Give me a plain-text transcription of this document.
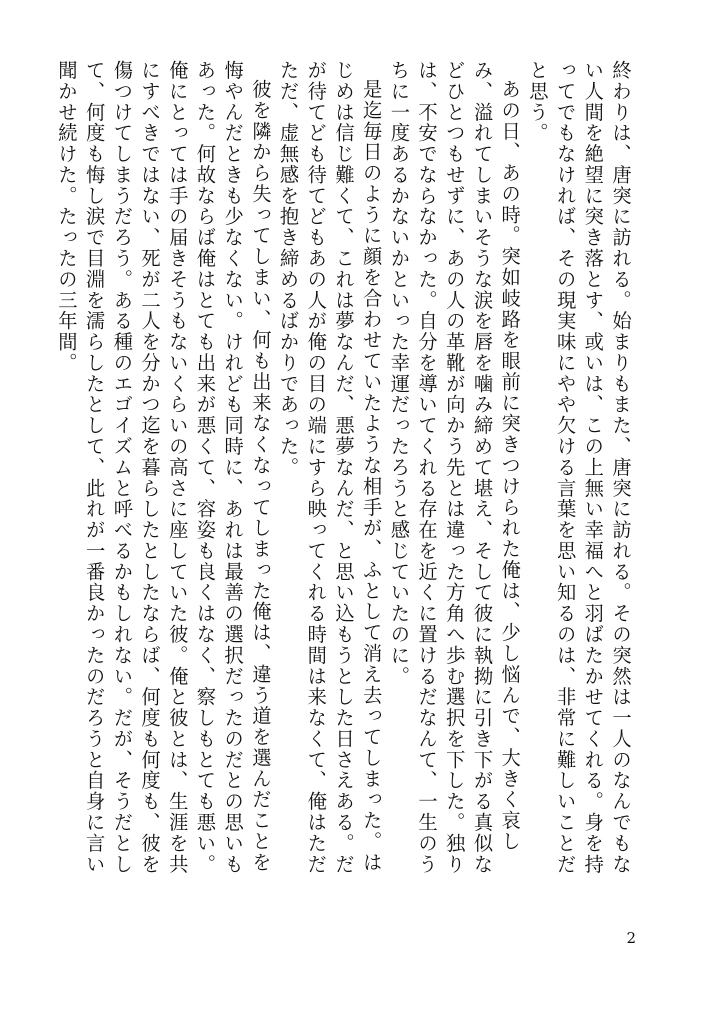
終わりは、唐突に訪れる。始まりもまた、唐突に訪れる。その突然は一人のなんでもない人間を絶望に突き落とす、或いは、この上無い幸福へと羽ばたかせてくれる。身を持ってでもなければ、その現実味にやや欠ける言葉を思い知るのは、非常に難しいことだと思う。

あの日、あの時。突如岐路を眼前に突きつけられた俺は、少し悩んで、大きく哀しみ、溢れてしまいそうな涙を唇を噛み締めて堪え、そして彼に執拗に引き下がる真似などひとつもせずに、あの人の革靴が向かう先とは違った方角へ歩む選択を下した。独りは、不安でならなかった。自分を導いてくれる存在を近くに置けるだなんて、一生のうちに一度あるかないかといった幸運だったろうと感じていたのに。

是迄毎日のように顔を合わせていたような相手が、ふとして消え去ってしまった。はじめは信じ難くて、これは夢なんだ、悪夢なんだ、と思い込もうとした日さえある。だが待てども待てどもあの人が俺の目の端にすら映ってくれる時間は来なくて、俺はただただ、虚無感を抱き締めるばかりであった。

彼を隣から失ってしまい、何も出来なくなってしまった俺は、違う道を選んだことを悔やんだときも少なくない。けれども同時に、あれは最善の選択だったのだとの思いもあった。何故ならば俺はとても出来が悪くて、容姿も良くはなく、察しもとても悪い。俺にとっては手の届きそうもないくらいの高さに座していた彼。俺と彼とは、生涯を共にすべきではない、死が二人を分かつ迄を暮らしたとしたならば、何度も何度も、彼を傷つけてしまうだろう。ある種のエゴイズムと呼べるかもしれない。だが、そうだとして、何度も悔し涙で目淵を濡らしたとして、此れが一番良かったのだろうと自身に言い聞かせ続けた。たったの三年間。

2
